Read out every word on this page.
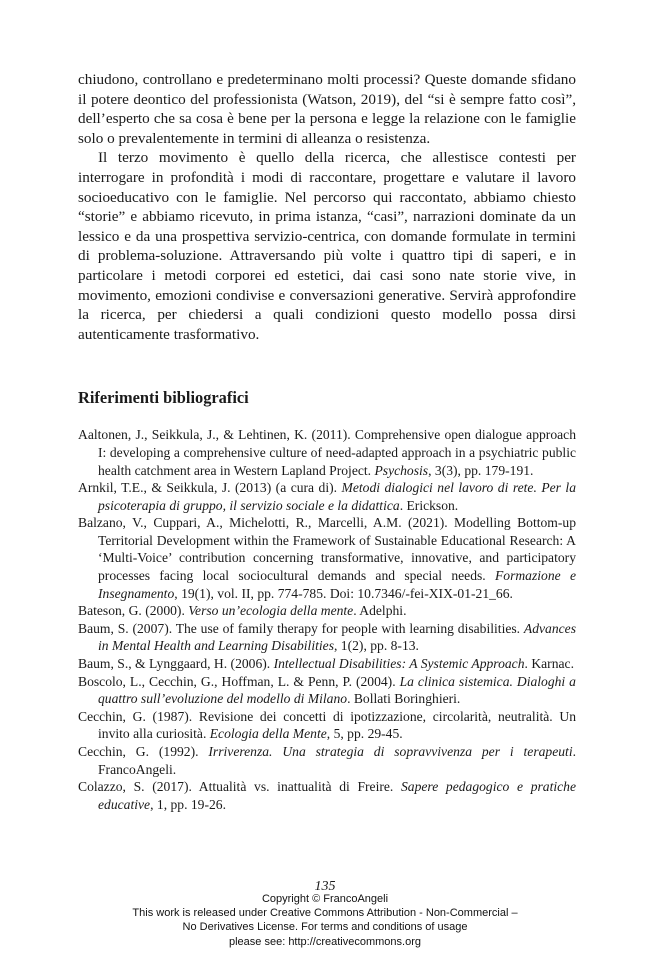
chiudono, controllano e predeterminano molti processi? Queste domande sfidano il potere deontico del professionista (Watson, 2019), del “si è sempre fatto così”, dell’esperto che sa cosa è bene per la persona e legge la relazione con le famiglie solo o prevalentemente in termini di alleanza o resistenza.

Il terzo movimento è quello della ricerca, che allestisce contesti per interrogare in profondità i modi di raccontare, progettare e valutare il lavoro socioeducativo con le famiglie. Nel percorso qui raccontato, abbiamo chiesto “storie” e abbiamo ricevuto, in prima istanza, “casi”, narrazioni dominate da un lessico e da una prospettiva servizio-centrica, con domande formulate in termini di problema-soluzione. Attraversando più volte i quattro tipi di saperi, e in particolare i metodi corporei ed estetici, dai casi sono nate storie vive, in movimento, emozioni condivise e conversazioni generative. Servirà approfondire la ricerca, per chiedersi a quali condizioni questo modello possa dirsi autenticamente trasformativo.

Riferimenti bibliografici

Aaltonen, J., Seikkula, J., & Lehtinen, K. (2011). Comprehensive open dialogue approach I: developing a comprehensive culture of need-adapted approach in a psychiatric public health catchment area in Western Lapland Project. Psychosis, 3(3), pp. 179-191.

Arnkil, T.E., & Seikkula, J. (2013) (a cura di). Metodi dialogici nel lavoro di rete. Per la psicoterapia di gruppo, il servizio sociale e la didattica. Erickson.

Balzano, V., Cuppari, A., Michelotti, R., Marcelli, A.M. (2021). Modelling Bottom-up Territorial Development within the Framework of Sustainable Educational Research: A ‘Multi-Voice’ contribution concerning transformative, innovative, and participatory processes facing local sociocultural demands and special needs. Formazione e Insegnamento, 19(1), vol. II, pp. 774-785. Doi: 10.7346/-fei-XIX-01-21_66.

Bateson, G. (2000). Verso un’ecologia della mente. Adelphi.

Baum, S. (2007). The use of family therapy for people with learning disabilities. Advances in Mental Health and Learning Disabilities, 1(2), pp. 8-13.

Baum, S., & Lynggaard, H. (2006). Intellectual Disabilities: A Systemic Approach. Karnac.

Boscolo, L., Cecchin, G., Hoffman, L. & Penn, P. (2004). La clinica sistemica. Dialoghi a quattro sull’evoluzione del modello di Milano. Bollati Boringhieri.

Cecchin, G. (1987). Revisione dei concetti di ipotizzazione, circolarità, neutralità. Un invito alla curiosità. Ecologia della Mente, 5, pp. 29-45.

Cecchin, G. (1992). Irriverenza. Una strategia di sopravvivenza per i terapeuti. FrancoAngeli.

Colazzo, S. (2017). Attualità vs. inattualità di Freire. Sapere pedagogico e pratiche educative, 1, pp. 19-26.

135
Copyright © FrancoAngeli
This work is released under Creative Commons Attribution - Non-Commercial –
No Derivatives License. For terms and conditions of usage
please see: http://creativecommons.org
